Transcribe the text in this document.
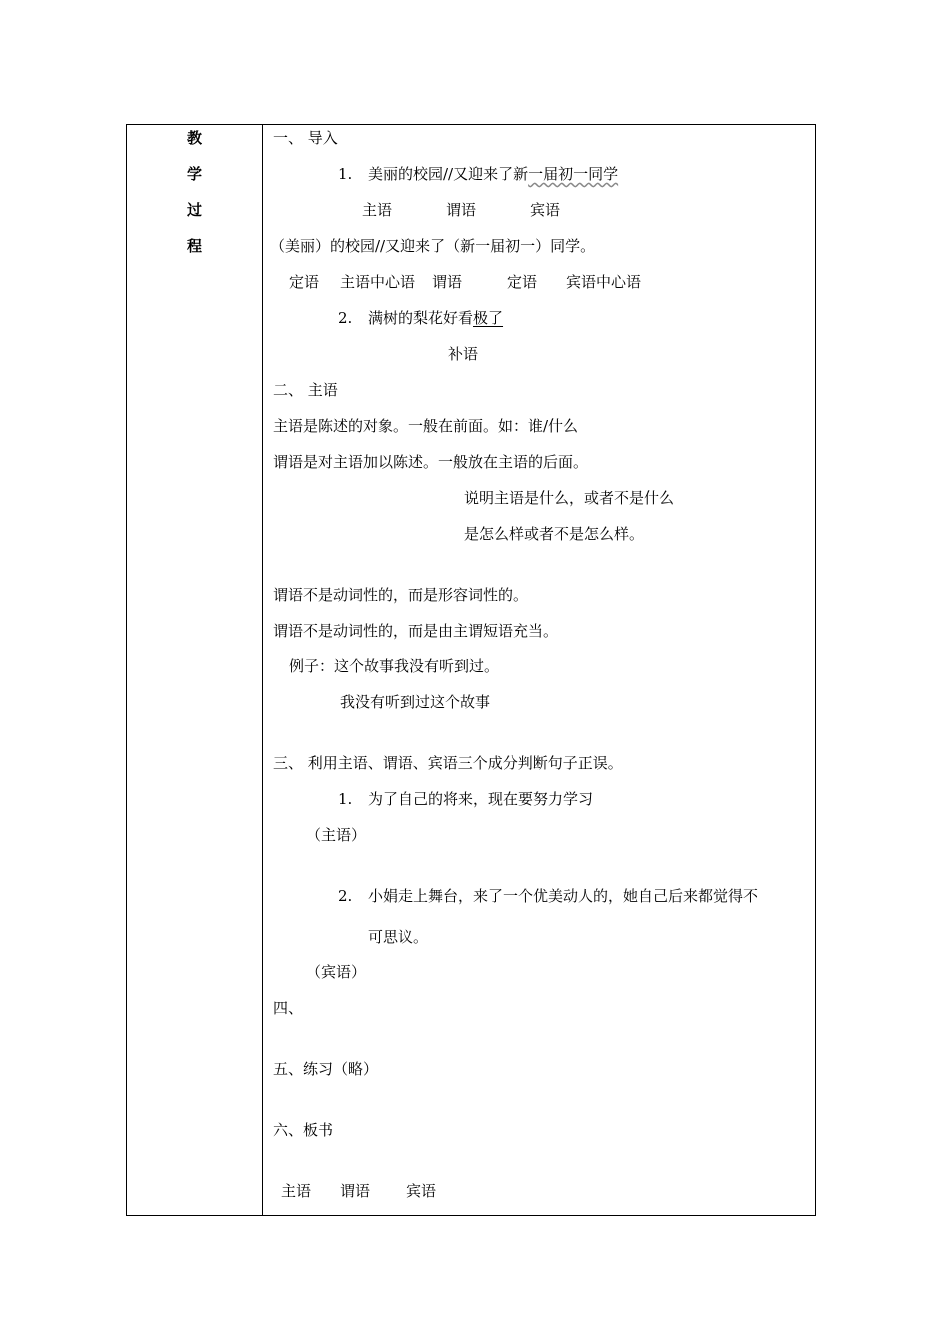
教
学
过
程
一、 导入
1. 美丽的校园//又迎来了新一届初一同学
主语	谓语	宾语
（美丽）的校园//又迎来了（新一届初一）同学。
定语 主语中心语 谓语	定语 宾语中心语
2. 满树的梨花好看极了
补语
二、 主语
主语是陈述的对象。一般在前面。如：谁/什么
谓语是对主语加以陈述。一般放在主语的后面。
说明主语是什么，或者不是什么
是怎么样或者不是怎么样。
谓语不是动词性的，而是形容词性的。
谓语不是动词性的，而是由主谓短语充当。
例子：这个故事我没有听到过。
我没有听到过这个故事
三、 利用主语、谓语、宾语三个成分判断句子正误。
1. 为了自己的将来，现在要努力学习
（主语）
2. 小娟走上舞台，来了一个优美动人的，她自己后来都觉得不
可思议。
（宾语）
四、
五、练习（略）
六、板书
主语 谓语 宾语
